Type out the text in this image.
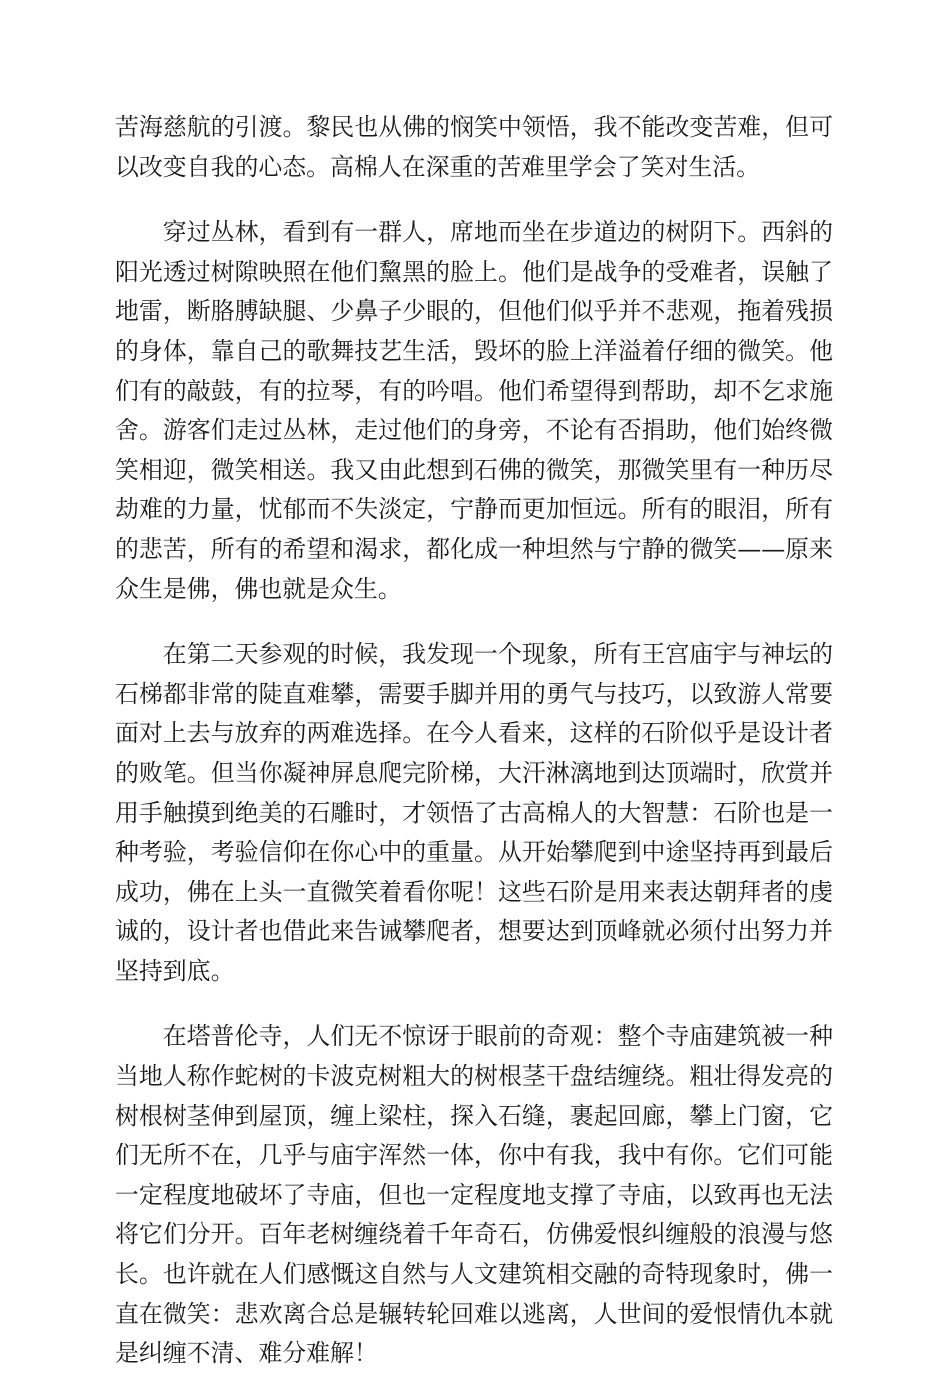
苦海慈航的引渡。黎民也从佛的悯笑中领悟，我不能改变苦难，但可以改变自我的心态。高棉人在深重的苦难里学会了笑对生活。

穿过丛林，看到有一群人，席地而坐在步道边的树阴下。西斜的阳光透过树隙映照在他们黧黑的脸上。他们是战争的受难者，误触了地雷，断胳膊缺腿、少鼻子少眼的，但他们似乎并不悲观，拖着残损的身体，靠自己的歌舞技艺生活，毁坏的脸上洋溢着仔细的微笑。他们有的敲鼓，有的拉琴，有的吟唱。他们希望得到帮助，却不乞求施舍。游客们走过丛林，走过他们的身旁，不论有否捐助，他们始终微笑相迎，微笑相送。我又由此想到石佛的微笑，那微笑里有一种历尽劫难的力量，忧郁而不失淡定，宁静而更加恒远。所有的眼泪，所有的悲苦，所有的希望和渴求，都化成一种坦然与宁静的微笑——原来众生是佛，佛也就是众生。

在第二天参观的时候，我发现一个现象，所有王宫庙宇与神坛的石梯都非常的陡直难攀，需要手脚并用的勇气与技巧，以致游人常要面对上去与放弃的两难选择。在今人看来，这样的石阶似乎是设计者的败笔。但当你凝神屏息爬完阶梯，大汗淋漓地到达顶端时，欣赏并用手触摸到绝美的石雕时，才领悟了古高棉人的大智慧：石阶也是一种考验，考验信仰在你心中的重量。从开始攀爬到中途坚持再到最后成功，佛在上头一直微笑着看你呢！这些石阶是用来表达朝拜者的虔诚的，设计者也借此来告诫攀爬者，想要达到顶峰就必须付出努力并坚持到底。

在塔普伦寺，人们无不惊讶于眼前的奇观：整个寺庙建筑被一种当地人称作蛇树的卡波克树粗大的树根茎干盘结缠绕。粗壮得发亮的树根树茎伸到屋顶，缠上梁柱，探入石缝，裹起回廊，攀上门窗，它们无所不在，几乎与庙宇浑然一体，你中有我，我中有你。它们可能一定程度地破坏了寺庙，但也一定程度地支撑了寺庙，以致再也无法将它们分开。百年老树缠绕着千年奇石，仿佛爱恨纠缠般的浪漫与悠长。也许就在人们感慨这自然与人文建筑相交融的奇特现象时，佛一直在微笑：悲欢离合总是辗转轮回难以逃离，人世间的爱恨情仇本就是纠缠不清、难分难解！
